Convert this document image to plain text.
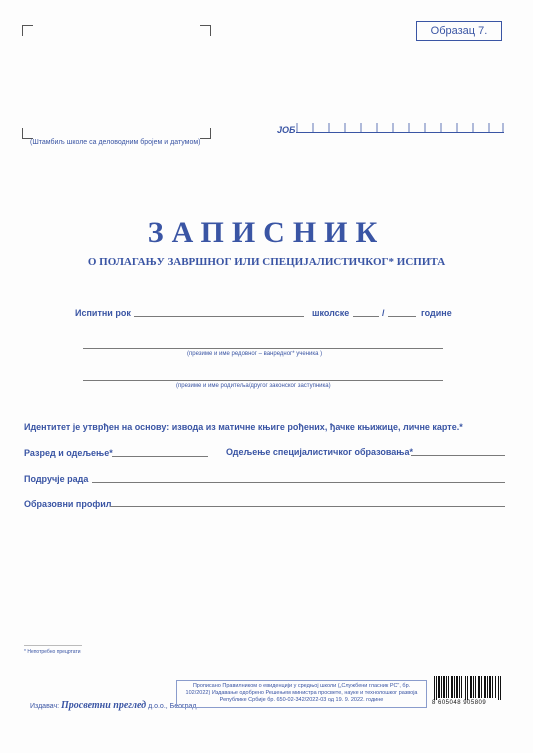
Образац 7.
(Штамбиљ школе са деловодним бројем и датумом)
ЈОБ
ЗАПИСНИК
О ПОЛАГАЊУ ЗАВРШНОГ ИЛИ СПЕЦИЈАЛИСТИЧКОГ* ИСПИТА
Испитни рок	школске	/	године
(презиме и име редовног – ванредног* ученика )
(презиме и име родитеља/другог законског заступника)
Идентитет је утврђен на основу: извода из матичне књиге рођених, ђачке књижице, личне карте.*
Разред и одељење*	Одељење специјалистичког образовања*
Подручје рада
Образовни профил
* Непотребно прецртати
Издавач: Просветни преглед д.о.о., Београд
Прописано Правилником о евиденцији у средњој школи („Службени гласник РС", бр. 102/2022) Издавање одобрено Решењем министра просвете, науке и технолошког развоја Републике Србије бр. 650-02-342/2022-03 од 19. 9. 2022. године	8 605048 905809
